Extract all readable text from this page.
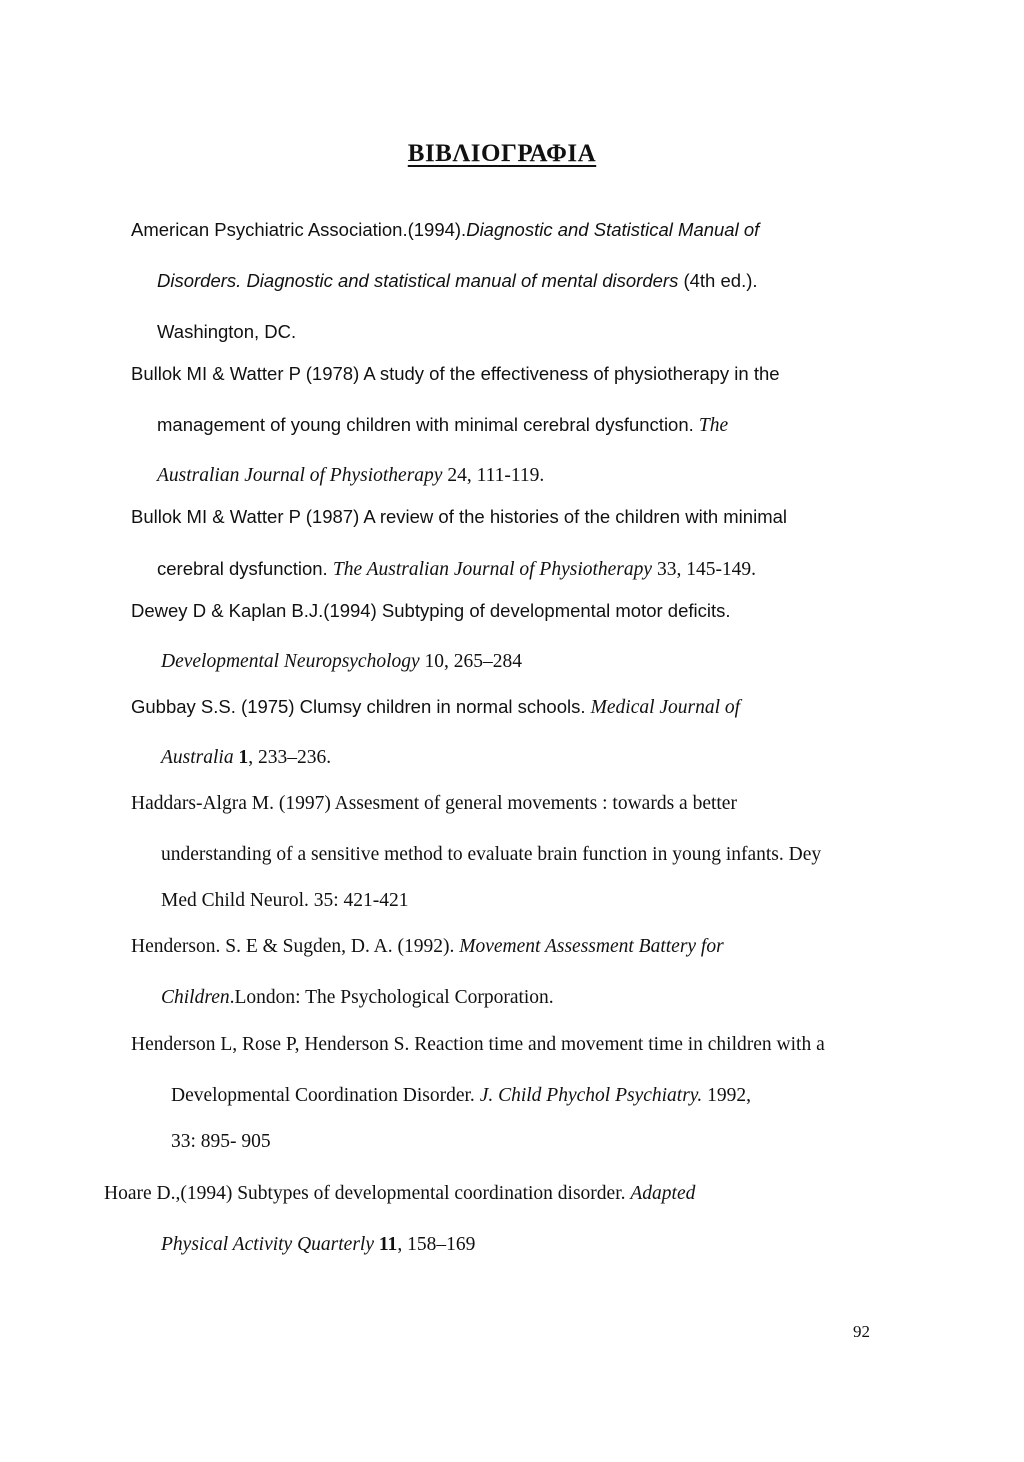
ΒΙΒΛΙΟΓΡΑΦΙΑ
American Psychiatric Association.(1994).Diagnostic and Statistical Manual of
Disorders. Diagnostic and statistical manual of mental disorders (4th ed.).
Washington, DC.
Bullok MI & Watter P (1978) A study of the effectiveness of physiotherapy in the
management of young children with minimal cerebral dysfunction. The
Australian Journal of Physiotherapy 24, 111-119.
Bullok MI & Watter P (1987) A review of the histories of the children with minimal
cerebral dysfunction. The Australian Journal of Physiotherapy 33, 145-149.
Dewey D & Kaplan B.J.(1994) Subtyping of developmental motor deficits.
Developmental Neuropsychology 10, 265–284
Gubbay S.S. (1975) Clumsy children in normal schools. Medical Journal of
Australia 1, 233–236.
Haddars-Algra M. (1997) Assesment of general movements : towards a better
understanding of a sensitive method to evaluate brain function in young infants. Dey
Med Child Neurol. 35: 421-421
Henderson. S. E & Sugden, D. A. (1992). Movement Assessment Battery for
Children.London: The Psychological Corporation.
Henderson L, Rose P, Henderson S. Reaction time and movement time in children with a
Developmental Coordination Disorder. J. Child Phychol Psychiatry. 1992,
33: 895- 905
Hoare D.,(1994) Subtypes of developmental coordination disorder. Adapted
Physical Activity Quarterly 11, 158–169
92
